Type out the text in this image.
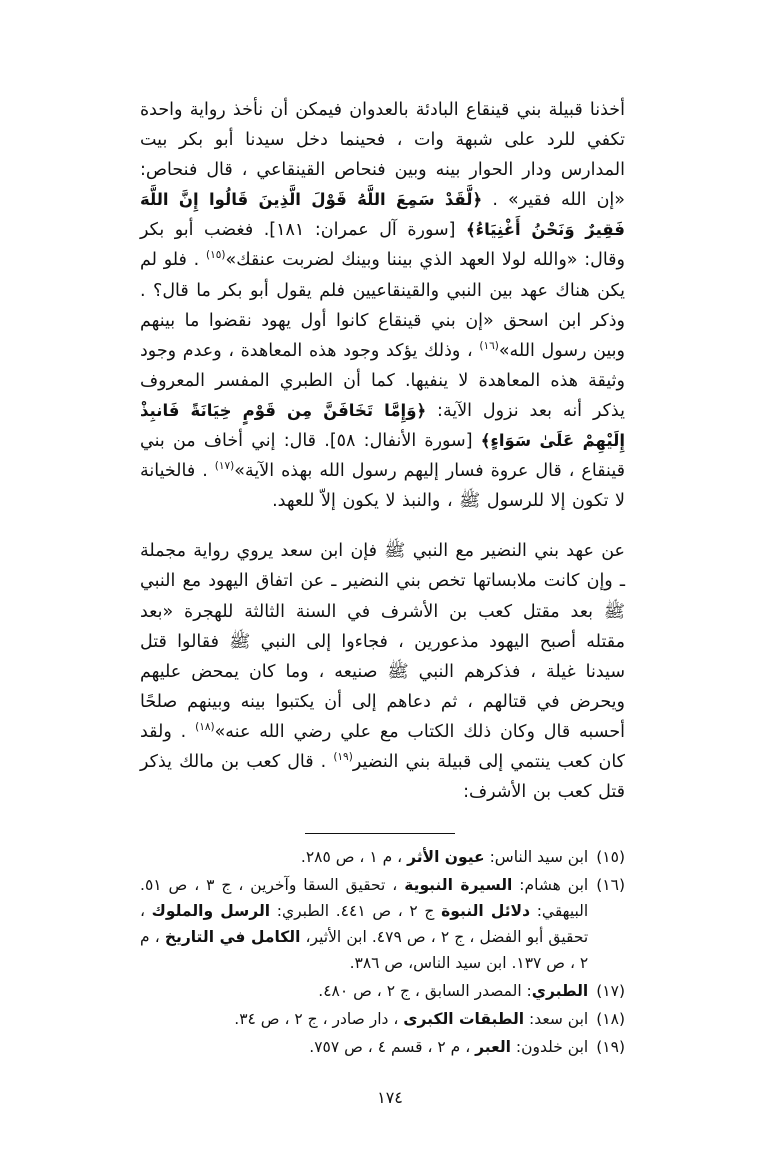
أخذنا قبيلة بني قينقاع البادئة بالعدوان فيمكن أن نأخذ رواية واحدة تكفي للرد على شبهة وات ، فحينما دخل سيدنا أبو بكر بيت المدارس ودار الحوار بينه وبين فنحاص القينقاعي ، قال فنحاص: «إن الله فقير» . ﴿لَّقَدْ سَمِعَ اللَّهُ قَوْلَ الَّذِينَ قَالُوا إِنَّ اللَّهَ فَقِيرٌ وَنَحْنُ أَغْنِيَاءُ﴾ [سورة آل عمران: ١٨١]. فغضب أبو بكر وقال: «والله لولا العهد الذي بيننا وبينك لضربت عنقك»$^{(١٥)}$ . فلو لم يكن هناك عهد بين النبي والقينقاعيين فلم يقول أبو بكر ما قال؟ . وذكر ابن اسحق «إن بني قينقاع كانوا أول يهود نقضوا ما بينهم وبين رسول الله»$^{(١٦)}$ ، وذلك يؤكد وجود هذه المعاهدة ، وعدم وجود وثيقة هذه المعاهدة لا ينفيها. كما أن الطبري المفسر المعروف يذكر أنه بعد نزول الآية: ﴿وَإِمَّا تَخَافَنَّ مِن قَوْمٍ خِيَانَةً فَانبِذْ إِلَيْهِمْ عَلَىٰ سَوَاءٍ﴾ [سورة الأنفال: ٥٨]. قال: إني أخاف من بني قينقاع ، قال عروة فسار إليهم رسول الله بهذه الآية»$^{(١٧)}$ . فالخيانة لا تكون إلا للرسول ﷺ ، والنبذ لا يكون إلاّ للعهد.

عن عهد بني النضير مع النبي ﷺ فإن ابن سعد يروي رواية مجملة ـ وإن كانت ملابساتها تخص بني النضير ـ عن اتفاق اليهود مع النبي ﷺ بعد مقتل كعب بن الأشرف في السنة الثالثة للهجرة «بعد مقتله أصبح اليهود مذعورين ، فجاءوا إلى النبي ﷺ فقالوا قتل سيدنا غيلة ، فذكرهم النبي ﷺ صنيعه ، وما كان يمحض عليهم ويحرض في قتالهم ، ثم دعاهم إلى أن يكتبوا بينه وبينهم صلحًا أحسبه قال وكان ذلك الكتاب مع علي رضي الله عنه»$^{(١٨)}$ . ولقد كان كعب ينتمي إلى قبيلة بني النضير$^{(١٩)}$ . قال كعب بن مالك يذكر قتل كعب بن الأشرف:

(١٥)
ابن سيد الناس: عيون الأثر ، م ١ ، ص ٢٨٥.
(١٦)
ابن هشام: السيرة النبوية ، تحقيق السقا وآخرين ، ج ٣ ، ص ٥١. البيهقي: دلائل النبوة ج ٢ ، ص ٤٤١. الطبري: الرسل والملوك ، تحقيق أبو الفضل ، ج ٢ ، ص ٤٧٩. ابن الأثير، الكامل في التاريخ ، م ٢ ، ص ١٣٧. ابن سيد الناس، ص ٣٨٦.
(١٧)
الطبري: المصدر السابق ، ج ٢ ، ص ٤٨٠.
(١٨)
ابن سعد: الطبقات الكبرى ، دار صادر ، ج ٢ ، ص ٣٤.
(١٩)
ابن خلدون: العبر ، م ٢ ، قسم ٤ ، ص ٧٥٧.
١٧٤
